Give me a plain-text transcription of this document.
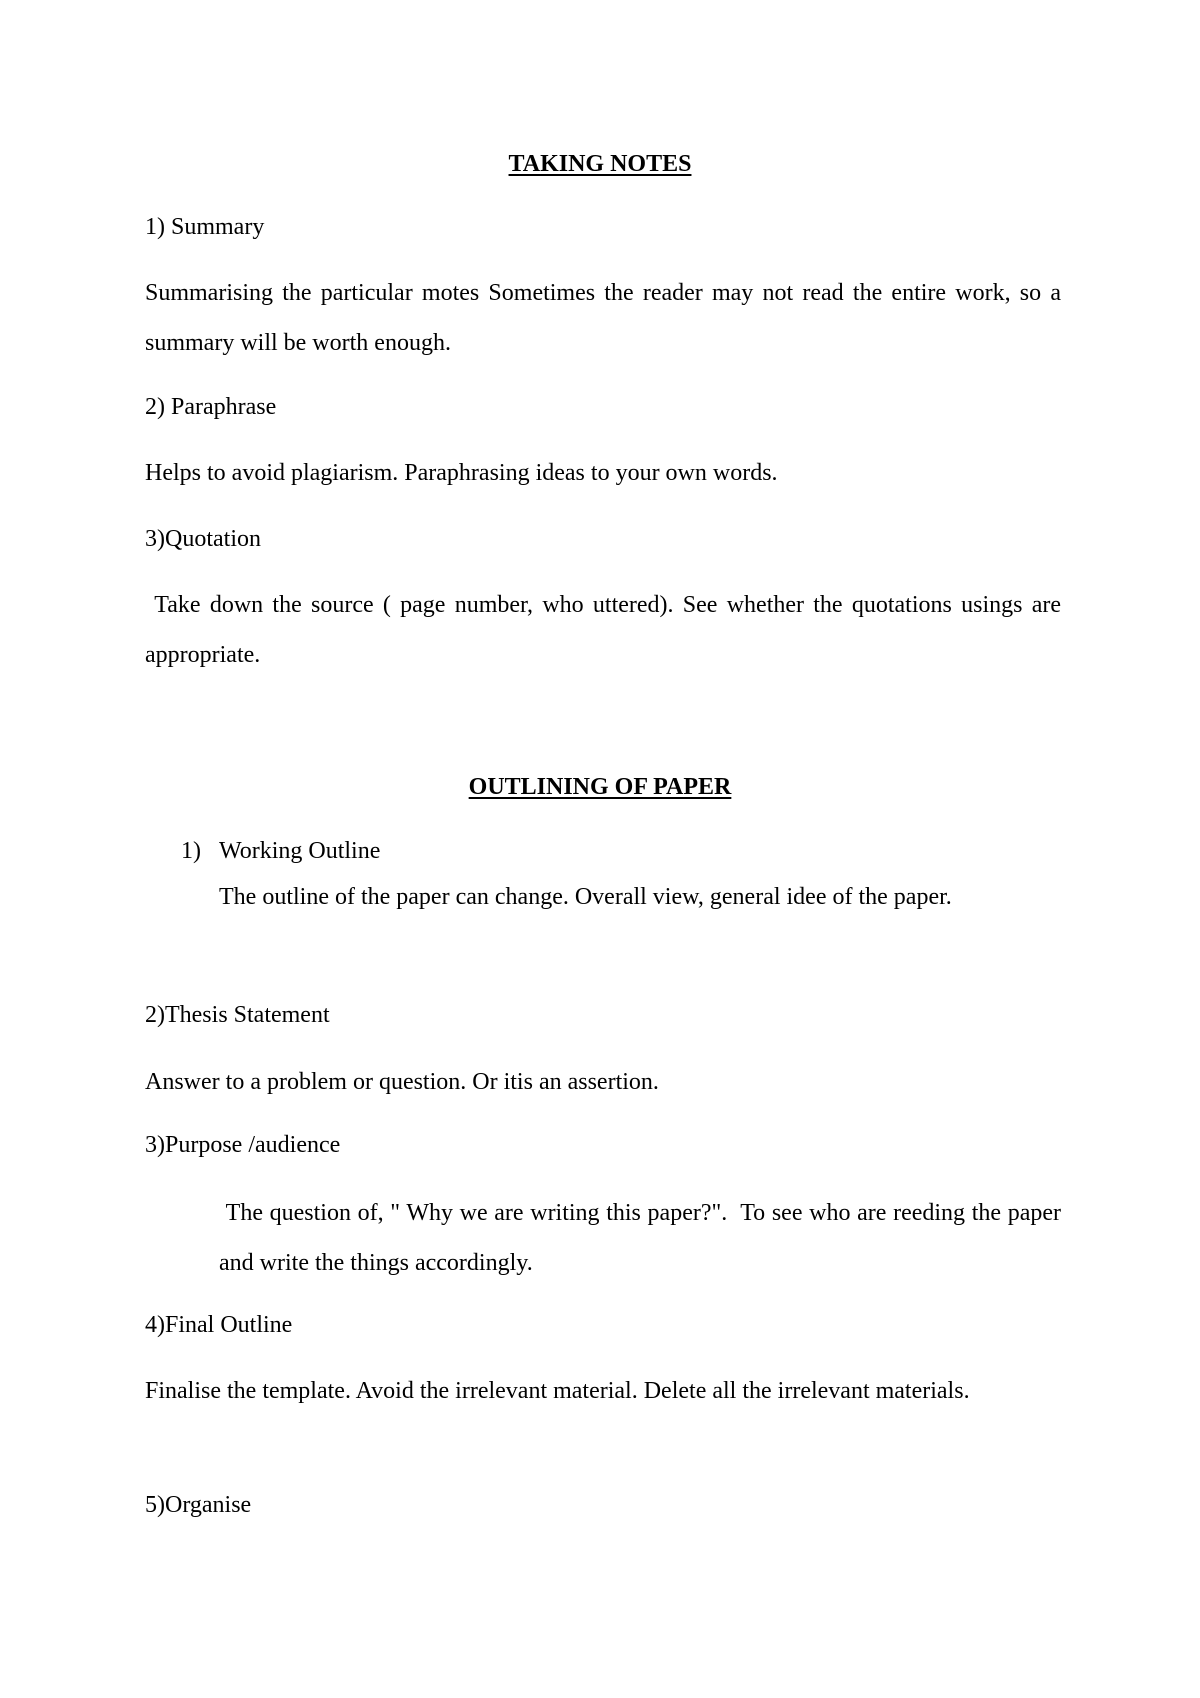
TAKING NOTES
1) Summary
Summarising the particular motes Sometimes the reader may not read the entire work, so a summary will be worth enough.
2) Paraphrase
Helps to avoid plagiarism. Paraphrasing ideas to your own words.
3)Quotation
Take down the source ( page number, who uttered). See whether the quotations usings are appropriate.
OUTLINING OF PAPER
1) Working Outline
The outline of the paper can change. Overall view, general idee of the paper.
2)Thesis Statement
Answer to a problem or question. Or itis an assertion.
3)Purpose /audience
The question of, " Why we are writing this paper?".  To see who are reeding the paper and write the things accordingly.
4)Final Outline
Finalise the template. Avoid the irrelevant material. Delete all the irrelevant materials.
5)Organise
